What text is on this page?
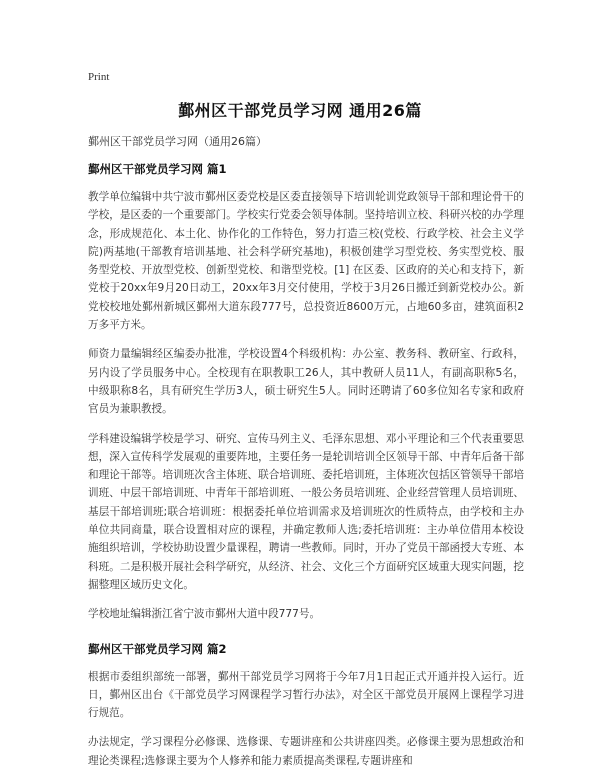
Print
鄞州区干部党员学习网 通用26篇
鄞州区干部党员学习网（通用26篇）
鄞州区干部党员学习网 篇1

教学单位编辑中共宁波市鄞州区委党校是区委直接领导下培训轮训党政领导干部和理论骨干的学校，是区委的一个重要部门。学校实行党委会领导体制。坚持培训立校、科研兴校的办学理念，形成规范化、本土化、协作化的工作特色，努力打造三校(党校、行政学校、社会主义学院)两基地(干部教育培训基地、社会科学研究基地)，积极创建学习型党校、务实型党校、服务型党校、开放型党校、创新型党校、和谐型党校。[1] 在区委、区政府的关心和支持下，新党校于20xx年9月20日动工，20xx年3月交付使用，学校于3月26日搬迁到新党校办公。新党校校地处鄞州新城区鄞州大道东段777号，总投资近8600万元，占地60多亩，建筑面积2万多平方米。

师资力量编辑经区编委办批准，学校设置4个科级机构：办公室、教务科、教研室、行政科，另内设了学员服务中心。全校现有在职教职工26人，其中教研人员11人，有副高职称5名，中级职称8名，具有研究生学历3人，硕士研究生5人。同时还聘请了60多位知名专家和政府官员为兼职教授。

学科建设编辑学校是学习、研究、宣传马列主义、毛泽东思想、邓小平理论和三个代表重要思想，深入宣传科学发展观的重要阵地，主要任务一是轮训培训全区领导干部、中青年后备干部和理论干部等。培训班次含主体班、联合培训班、委托培训班，主体班次包括区管领导干部培训班、中层干部培训班、中青年干部培训班、一般公务员培训班、企业经营管理人员培训班、基层干部培训班;联合培训班：根据委托单位培训需求及培训班次的性质特点，由学校和主办单位共同商量，联合设置相对应的课程，并确定教师人选;委托培训班：主办单位借用本校设施组织培训，学校协助设置少量课程，聘请一些教师。同时，开办了党员干部函授大专班、本科班。二是积极开展社会科学研究，从经济、社会、文化三个方面研究区域重大现实问题，挖掘整理区域历史文化。

学校地址编辑浙江省宁波市鄞州大道中段777号。

鄞州区干部党员学习网 篇2

根据市委组织部统一部署，鄞州干部党员学习网将于今年7月1日起正式开通并投入运行。近日，鄞州区出台《干部党员学习网课程学习暂行办法》，对全区干部党员开展网上课程学习进行规范。

办法规定，学习课程分必修课、选修课、专题讲座和公共讲座四类。必修课主要为思想政治和理论类课程;选修课主要为个人修养和能力素质提高类课程,专题讲座和
